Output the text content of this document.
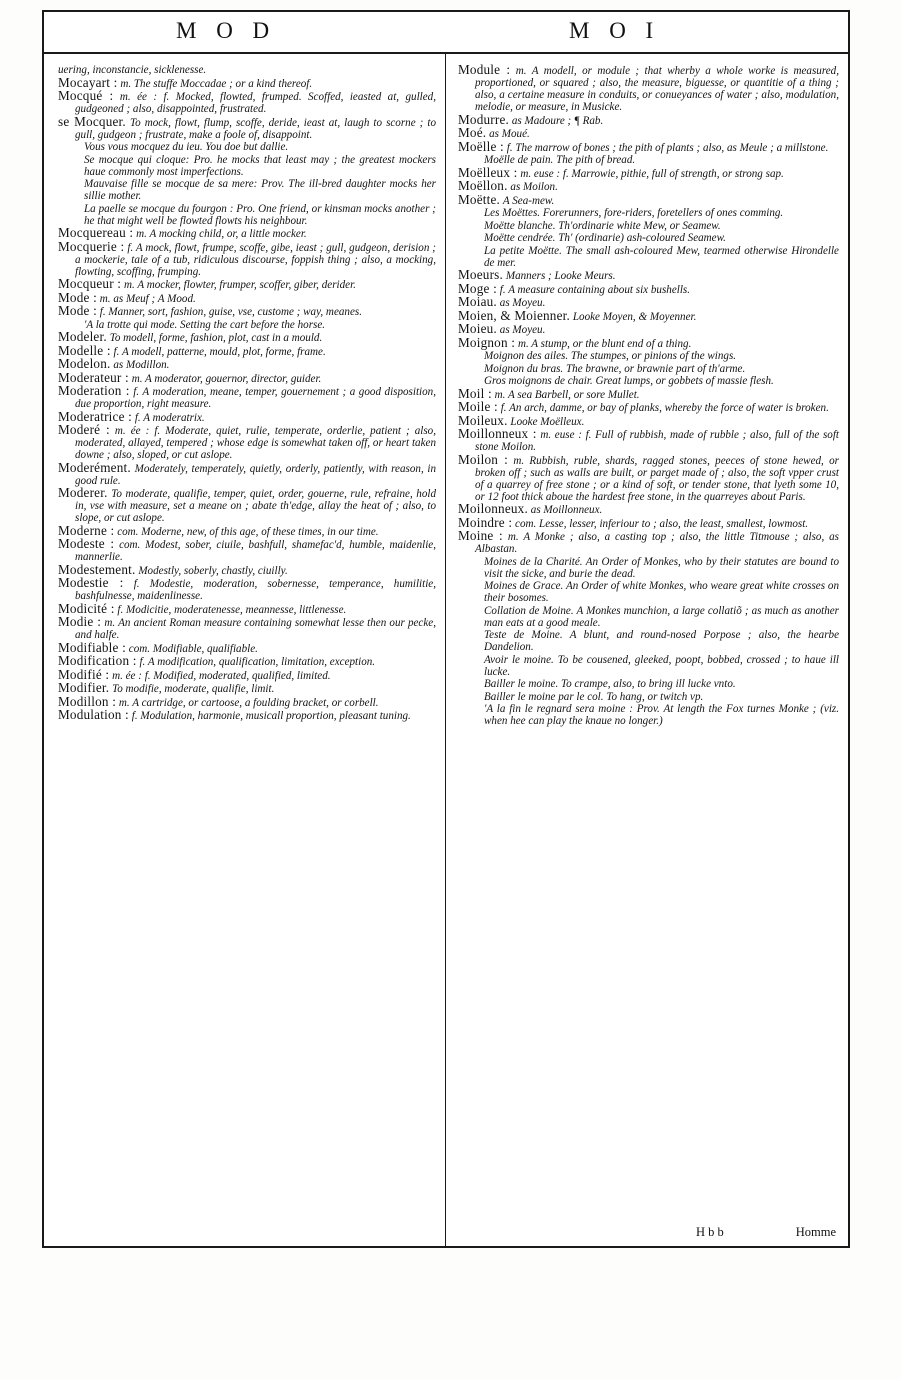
M O D	M O I
uering, inconstancie, sicklenesse.
Mocayart : m. The stuffe Moccadae ; or a kind thereof.
Mocqué : m. ée : f. Mocked, flowted, frumped. Scoffed, ieasted at, gulled, gudgeoned ; also, disappointed, frustrated.
se Mocquer. To mock, flowt, flump, scoffe, deride, ieast at, laugh to scorne ; to gull, gudgeon ; frustrate, make a foole of, disappoint.
Vous vous mocquez du ieu. You doe but dallie.
Se mocque qui cloque: Pro. he mocks that least may ; the greatest mockers haue commonly most imperfections.
Mauvaise fille se mocque de sa mere: Prov. The ill-bred daughter mocks her sillie mother.
La paelle se mocque du fourgon : Pro. One friend, or kinsman mocks another ; he that might well be flowted flowts his neighbour.
Mocquereau : m. A mocking child, or, a little mocker.
Mocquerie : f. A mock, flowt, frumpe, scoffe, gibe, ieast ; gull, gudgeon, derision ; a mockerie, tale of a tub, ridiculous discourse, foppish thing ; also, a mocking, flowting, scoffing, frumping.
Mocqueur : m. A mocker, flowter, frumper, scoffer, giber, derider.
Mode : m. as Meuf ; A Mood.
Mode : f. Manner, sort, fashion, guise, vse, custome ; way, meanes.
'A la trotte qui mode. Setting the cart before the horse.
Modeler. To modell, forme, fashion, plot, cast in a mould.
Modelle : f. A modell, patterne, mould, plot, forme, frame.
Modelon. as Modillon.
Moderateur : m. A moderator, gouernor, director, guider.
Moderation : f. A moderation, meane, temper, gouernement ; a good disposition, due proportion, right measure.
Moderatrice : f. A moderatrix.
Moderé : m. ée : f. Moderate, quiet, rulie, temperate, orderlie, patient ; also, moderated, allayed, tempered ; whose edge is somewhat taken off, or heart taken downe ; also, sloped, or cut aslope.
Moderément. Moderately, temperately, quietly, orderly, patiently, with reason, in good rule.
Moderer. To moderate, qualifie, temper, quiet, order, gouerne, rule, refraine, hold in, vse with measure, set a meane on ; abate th'edge, allay the heat of ; also, to slope, or cut aslope.
Moderne : com. Moderne, new, of this age, of these times, in our time.
Modeste : com. Modest, sober, ciuile, bashfull, shamefac'd, humble, maidenlie, mannerlie.
Modestement. Modestly, soberly, chastly, ciuilly.
Modestie : f. Modestie, moderation, sobernesse, temperance, humilitie, bashfulnesse, maidenlinesse.
Modicité : f. Modicitie, moderatenesse, meannesse, littlenesse.
Modie : m. An ancient Roman measure containing somewhat lesse then our pecke, and halfe.
Modifiable : com. Modifiable, qualifiable.
Modification : f. A modification, qualification, limitation, exception.
Modifié : m. ée : f. Modified, moderated, qualified, limited.
Modifier. To modifie, moderate, qualifie, limit.
Modillon : m. A cartridge, or cartoose, a foulding bracket, or corbell.
Modulation : f. Modulation, harmonie, musicall proportion, pleasant tuning.
Module : m. A modell, or module ; that wherby a whole worke is measured, proportioned, or squared ; also, the measure, biguesse, or quantitie of a thing ; also, a certaine measure in conduits, or conueyances of water ; also, modulation, melodie, or measure, in Musicke.
Modurre. as Madoure ; ¶ Rab.
Moé. as Moué.
Moëlle : f. The marrow of bones ; the pith of plants ; also, as Meule ; a millstone.
Moëlle de pain. The pith of bread.
Moëlleux : m. euse : f. Marrowie, pithie, full of strength, or strong sap.
Moëllon. as Moilon.
Moëtte. A Sea-mew.
Les Moëttes. Forerunners, fore-riders, foretellers of ones comming.
Moëtte blanche. Th'ordinarie white Mew, or Seamew.
Moëtte cendrée. Th' (ordinarie) ash-coloured Seamew.
La petite Moëtte. The small ash-coloured Mew, tearmed otherwise Hirondelle de mer.
Moeurs. Manners ; Looke Meurs.
Moge : f. A measure containing about six bushells.
Moiau. as Moyeu.
Moien, & Moienner. Looke Moyen, & Moyenner.
Moieu. as Moyeu.
Moignon : m. A stump, or the blunt end of a thing.
Moignon des ailes. The stumpes, or pinions of the wings.
Moignon du bras. The brawne, or brawnie part of th'arme.
Gros moignons de chair. Great lumps, or gobbets of massie flesh.
Moil : m. A sea Barbell, or sore Mullet.
Moile : f. An arch, damme, or bay of planks, whereby the force of water is broken.
Moileux. Looke Moëlleux.
Moillonneux : m. euse : f. Full of rubbish, made of rubble ; also, full of the soft stone Moilon.
Moilon : m. Rubbish, ruble, shards, ragged stones, peeces of stone hewed, or broken off ; such as walls are built, or parget made of ; also, the soft vpper crust of a quarrey of free stone ; or a kind of soft, or tender stone, that lyeth some 10, or 12 foot thick aboue the hardest free stone, in the quarreyes about Paris.
Moilonneux. as Moillonneux.
Moindre : com. Lesse, lesser, inferiour to ; also, the least, smallest, lowmost.
Moine : m. A Monke ; also, a casting top ; also, the little Titmouse ; also, as Albastan.
Moines de la Charité. An Order of Monkes, who by their statutes are bound to visit the sicke, and burie the dead.
Moines de Grace. An Order of white Monkes, who weare great white crosses on their bosomes.
Collation de Moine. A Monkes munchion, a large collatiõ ; as much as another man eats at a good meale.
Teste de Moine. A blunt, and round-nosed Porpose ; also, the hearbe Dandelion.
Avoir le moine. To be cousened, gleeked, poopt, bobbed, crossed ; to haue ill lucke.
Bailler le moine. To crampe, also, to bring ill lucke vnto.
Bailler le moine par le col. To hang, or twitch vp.
'A la fin le regnard sera moine : Prov. At length the Fox turnes Monke ; (viz. when hee can play the knaue no longer.)
H b b	Homme
